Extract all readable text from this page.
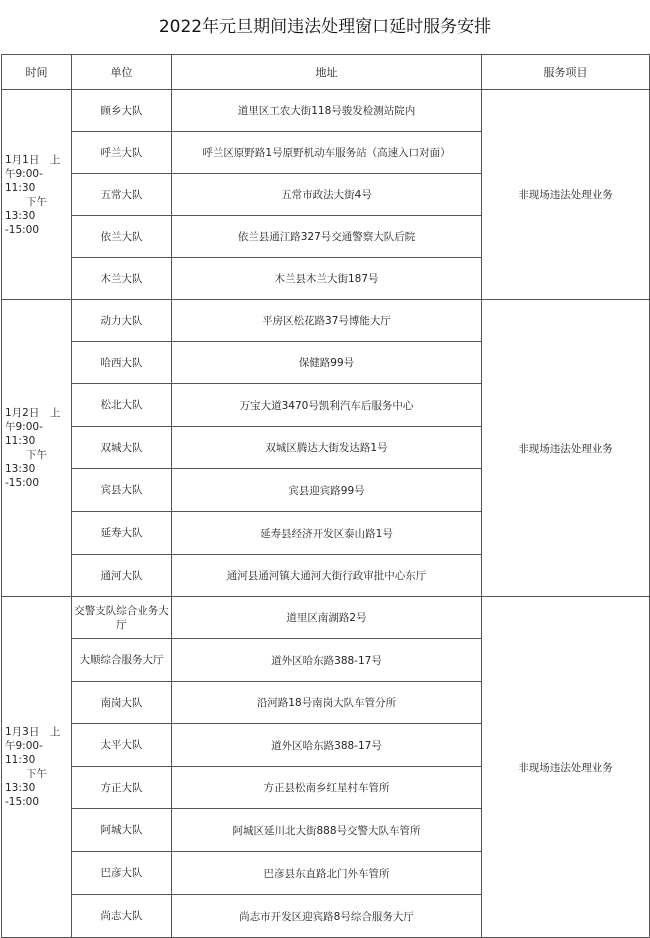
2022年元旦期间违法处理窗口延时服务安排
时间	单位	地址	服务项目

1月1日　上
午9:00-11:30
　　下午13:30
-15:00	顾乡大队	道里区工农大街118号骏发检测站院内	非现场违法处理业务
	呼兰大队	呼兰区原野路1号原野机动车服务站（高速入口对面）	
	五常大队	五常市政法大街4号	
	依兰大队	依兰县通江路327号交通警察大队后院	
	木兰大队	木兰县木兰大街187号	

1月2日　上
午9:00-11:30
　　下午13:30
-15:00	动力大队	平房区松花路37号博能大厅	非现场违法处理业务
	哈西大队	保健路99号	
	松北大队	万宝大道3470号凯利汽车后服务中心	
	双城大队	双城区腾达大街发达路1号	
	宾县大队	宾县迎宾路99号	
	延寿大队	延寿县经济开发区泰山路1号	
	通河大队	通河县通河镇大通河大街行政审批中心东厅	

1月3日　上
午9:00-11:30
　　下午13:30
-15:00	交警支队综合业务大厅	道里区南湖路2号	非现场违法处理业务
	大顺综合服务大厅	道外区哈东路388-17号	
	南岗大队	沿河路18号南岗大队车管分所	
	太平大队	道外区哈东路388-17号	
	方正大队	方正县松南乡红星村车管所	
	阿城大队	阿城区延川北大街888号交警大队车管所	
	巴彦大队	巴彦县东直路北门外车管所	
	尚志大队	尚志市开发区迎宾路8号综合服务大厅	
